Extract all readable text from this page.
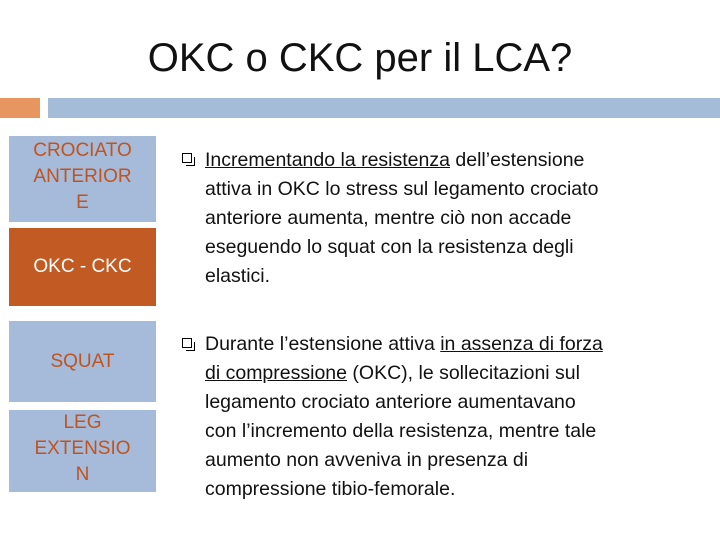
OKC o CKC per il LCA?
CROCIATO
ANTERIOR
E
OKC - CKC
SQUAT
LEG
EXTENSIO
N
Incrementando la resistenza dell’estensione
attiva in OKC lo stress sul legamento crociato
anteriore aumenta, mentre ciò non accade
eseguendo lo squat con la resistenza degli
elastici.
Durante l’estensione attiva in assenza di forza
di compressione (OKC), le sollecitazioni sul
legamento crociato anteriore aumentavano
con l’incremento della resistenza, mentre tale
aumento non avveniva in presenza di
compressione tibio-femorale.
